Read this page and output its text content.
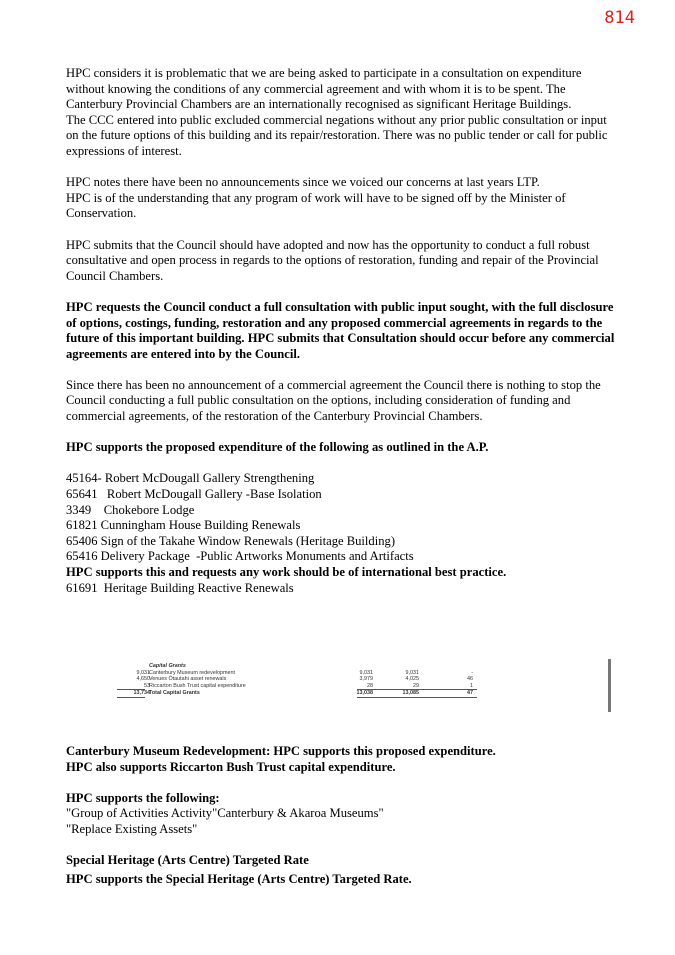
814

HPC considers it is problematic that we are being asked to participate in a consultation on expenditure without knowing the conditions of any commercial agreement and with whom it is to be spent. The Canterbury Provincial Chambers are an internationally recognised as significant Heritage Buildings.

The CCC entered into public excluded commercial negations without any prior public consultation or input on the future options of this building and its repair/restoration. There was no public tender or call for public expressions of interest.

HPC notes there have been no announcements since we voiced our concerns at last years LTP.

HPC is of the understanding that any program of work will have to be signed off by the Minister of Conservation.

HPC submits that the Council should have adopted and now has the opportunity to conduct a full robust consultative and open process in regards to the options of restoration, funding and repair of the Provincial Council Chambers.

HPC requests the Council conduct a full consultation with public input sought, with the full disclosure of options, costings, funding, restoration and any proposed commercial agreements in regards to the future of this important building. HPC submits that Consultation should occur before any commercial agreements are entered into by the Council.

Since there has been no announcement of a commercial agreement the Council there is nothing to stop the Council conducting a full public consultation on the options, including consideration of funding and commercial agreements, of the restoration of the Canterbury Provincial Chambers.

HPC supports the proposed expenditure of the following as outlined in the A.P.

45164- Robert McDougall Gallery Strengthening

65641   Robert McDougall Gallery -Base Isolation

3349    Chokebore Lodge

61821 Cunningham House Building Renewals

65406 Sign of the Takahe Window Renewals (Heritage Building)

65416 Delivery Package  -Public Artworks Monuments and Artifacts

HPC supports this and requests any work should be of international best practice.

61691  Heritage Building Reactive Renewals

Capital Grants
9,031 Canterbury Museum redevelopment	9,031	9,031	-
4,650 Venues Ōtautahi asset renewals	3,979	4,025	46
53 Riccarton Bush Trust capital expenditure	28	29	1
13,734 Total Capital Grants	13,038	13,085	47

Canterbury Museum Redevelopment: HPC supports this proposed expenditure.

HPC also supports Riccarton Bush Trust capital expenditure.

HPC supports the following:

"Group of Activities Activity"Canterbury & Akaroa Museums"

"Replace Existing Assets"

Special Heritage (Arts Centre) Targeted Rate

HPC supports the Special Heritage (Arts Centre) Targeted Rate.
